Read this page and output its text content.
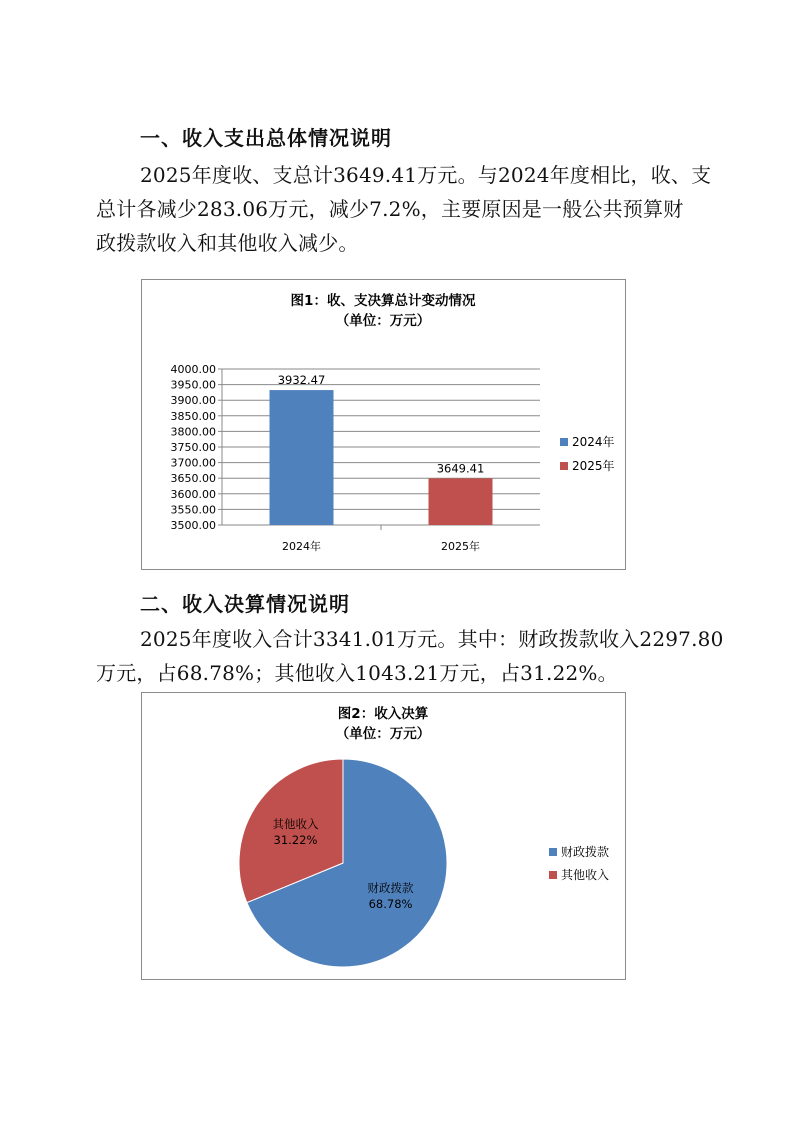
一、收入支出总体情况说明
2025年度收、支总计3649.41万元。与2024年度相比，收、支
总计各减少283.06万元，减少7.2%，主要原因是一般公共预算财
政拨款收入和其他收入减少。
图1：收、支决算总计变动情况
（单位：万元）
3500.00
3550.00
3600.00
3650.00
3700.00
3750.00
3800.00
3850.00
3900.00
3950.00
4000.00
3932.47
2024年
3649.41
2025年
2024年
2025年
二、收入决算情况说明
2025年度收入合计3341.01万元。其中：财政拨款收入2297.80
万元，占68.78%；其他收入1043.21万元，占31.22%。
图2：收入决算
（单位：万元）
财政拨款
68.78%
其他收入
31.22%
财政拨款
其他收入
